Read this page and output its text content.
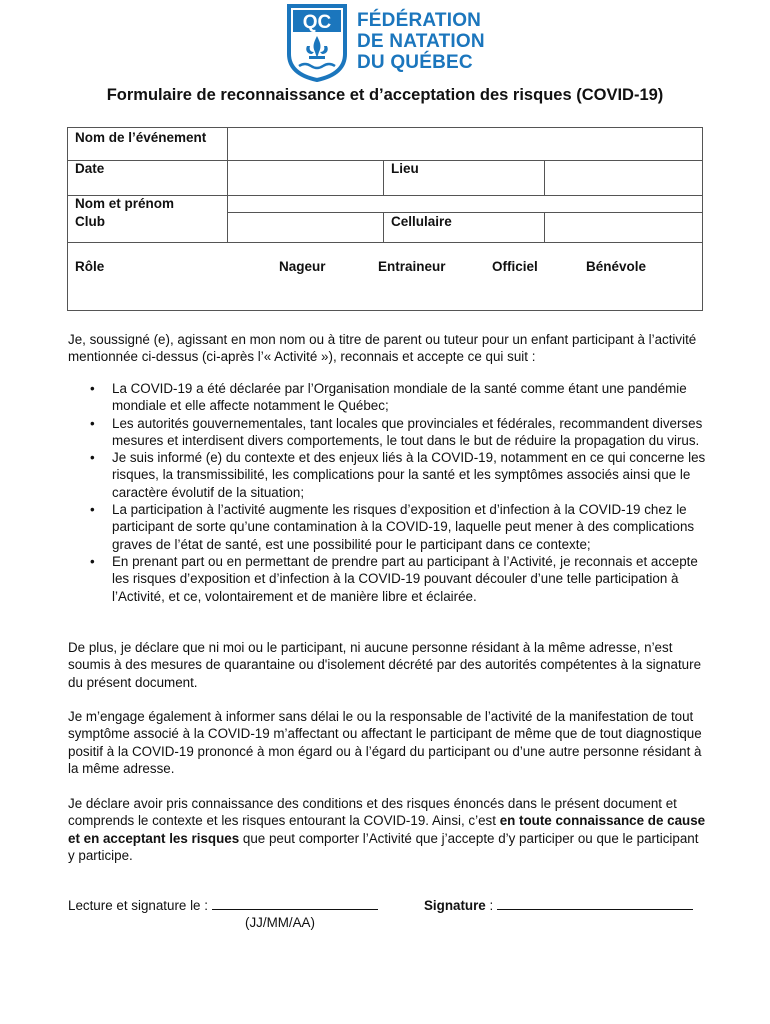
QC FÉDÉRATION
DE NATATION
DU QUÉBEC
Formulaire de reconnaissance et d’acceptation des risques (COVID-19)
Nom de l’événement
Date	Lieu
Nom et prénom
Club	Cellulaire
Rôle	Nageur	Entraineur	Officiel	Bénévole
Je, soussigné (e), agissant en mon nom ou à titre de parent ou tuteur pour un enfant participant à l’activité mentionnée ci-dessus (ci-après l’« Activité »), reconnais et accepte ce qui suit :
• La COVID-19 a été déclarée par l’Organisation mondiale de la santé comme étant une pandémie mondiale et elle affecte notamment le Québec;
• Les autorités gouvernementales, tant locales que provinciales et fédérales, recommandent diverses mesures et interdisent divers comportements, le tout dans le but de réduire la propagation du virus.
• Je suis informé (e) du contexte et des enjeux liés à la COVID-19, notamment en ce qui concerne les risques, la transmissibilité, les complications pour la santé et les symptômes associés ainsi que le caractère évolutif de la situation;
• La participation à l’activité augmente les risques d’exposition et d’infection à la COVID-19 chez le participant de sorte qu’une contamination à la COVID-19, laquelle peut mener à des complications graves de l’état de santé, est une possibilité pour le participant dans ce contexte;
• En prenant part ou en permettant de prendre part au participant à l’Activité, je reconnais et accepte les risques d’exposition et d’infection à la COVID-19 pouvant découler d’une telle participation à l’Activité, et ce, volontairement et de manière libre et éclairée.
De plus, je déclare que ni moi ou le participant, ni aucune personne résidant à la même adresse, n’est soumis à des mesures de quarantaine ou d'isolement décrété par des autorités compétentes à la signature du présent document.
Je m’engage également à informer sans délai le ou la responsable de l’activité de la manifestation de tout symptôme associé à la COVID-19 m’affectant ou affectant le participant de même que de tout diagnostique positif à la COVID-19 prononcé à mon égard ou à l’égard du participant ou d’une autre personne résidant à la même adresse.
Je déclare avoir pris connaissance des conditions et des risques énoncés dans le présent document et comprends le contexte et les risques entourant la COVID-19. Ainsi, c’est en toute connaissance de cause et en acceptant les risques que peut comporter l’Activité que j’accepte d’y participer ou que le participant y participe.
Lecture et signature le :
(JJ/MM/AA)
Signature :
